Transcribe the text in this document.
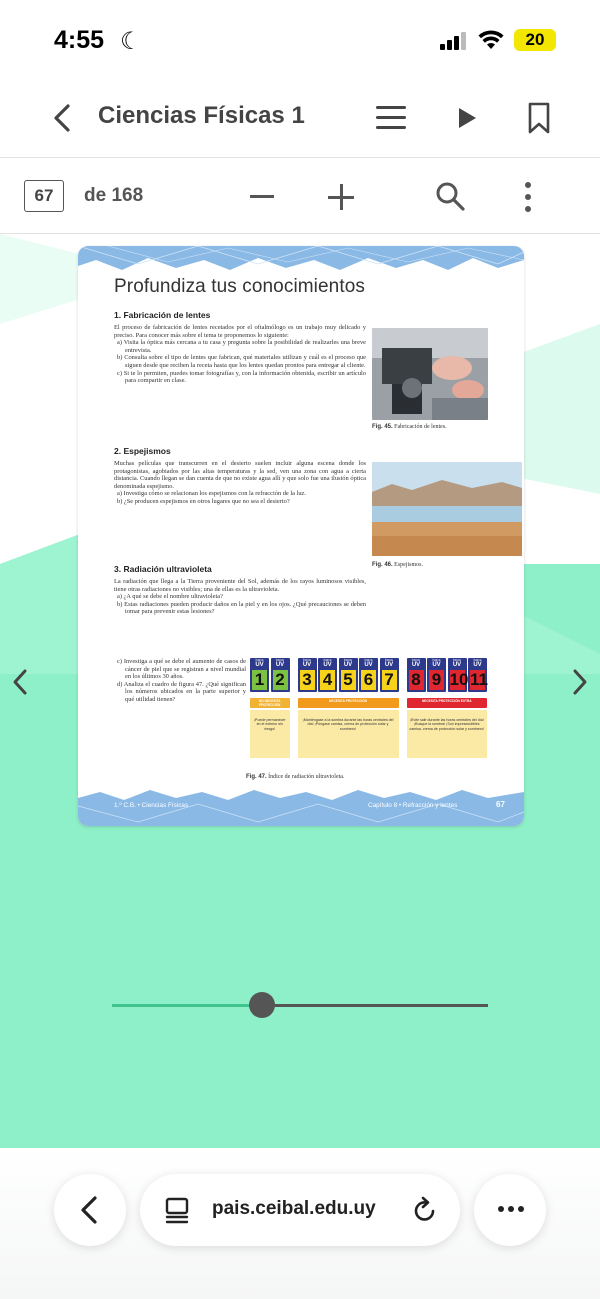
4:55 ☾	20
Ciencias Físicas 1
67	de 168
Profundiza tus conocimientos
1. Fabricación de lentes

El proceso de fabricación de lentes recetados por el oftalmólogo es un trabajo muy delicado y preciso. Para conocer más sobre el tema te proponemos lo siguiente:

a) Visita la óptica más cercana a tu casa y pregunta sobre la posibilidad de realizarles una breve entrevista.

b) Consulta sobre el tipo de lentes que fabrican, qué materiales utilizan y cuál es el proceso que siguen desde que reciben la receta hasta que los lentes quedan prontos para entregar al cliente.

c) Si te lo permiten, puedes tomar fotografías y, con la información obtenida, escribir un artículo para compartir en clase.

Fig. 45. Fabricación de lentes.
2. Espejismos

Muchas películas que transcurren en el desierto suelen incluir alguna escena donde los protagonistas, agobiados por las altas temperaturas y la sed, ven una zona con agua a cierta distancia. Cuando llegan se dan cuenta de que no existe agua allí y que solo fue una ilusión óptica denominada espejismo.

a) Investiga cómo se relacionan los espejismos con la refracción de la luz.

b) ¿Se producen espejismos en otros lugares que no sea el desierto?

Fig. 46. Espejismos.
3. Radiación ultravioleta

La radiación que llega a la Tierra proveniente del Sol, además de los rayos luminosos visibles, tiene otras radiaciones no visibles; una de ellas es la ultravioleta.

a) ¿A qué se debe el nombre ultravioleta?

b) Estas radiaciones pueden producir daños en la piel y en los ojos. ¿Qué precauciones se deben tomar para prevenir estas lesiones?

c) Investiga a qué se debe el aumento de casos de cáncer de piel que se registran a nivel mundial en los últimos 30 años.

d) Analiza el cuadro de figura 47. ¿Qué significan los números ubicados en la parte superior y qué utilidad tienen?

ÍNDICE
UV
1
ÍNDICE
UV
2
NO NECESITA PROTECCIÓN
¡Puede permanecer en el exterior sin riesgo!
ÍNDICE
UV
3
ÍNDICE
UV
4
ÍNDICE
UV
5
ÍNDICE
UV
6
ÍNDICE
UV
7
NECESITA PROTECCIÓN
¡Manténgase a la sombra durante las horas centrales del día! ¡Póngase camisa, crema de protección solar y sombrero!
ÍNDICE
UV
8
ÍNDICE
UV
9
ÍNDICE
UV
10
ÍNDICE
UV
11
NECESITA PROTECCIÓN EXTRA
¡Evite salir durante las horas centrales del día! ¡Busque la sombra! ¡Son imprescindibles camisa, crema de protección solar y sombrero!
Fig. 47. Índice de radiación ultravioleta.
1.º C.B. • Ciencias Físicas	Capítulo 8 • Refracción y lentes	67
pais.ceibal.edu.uy
